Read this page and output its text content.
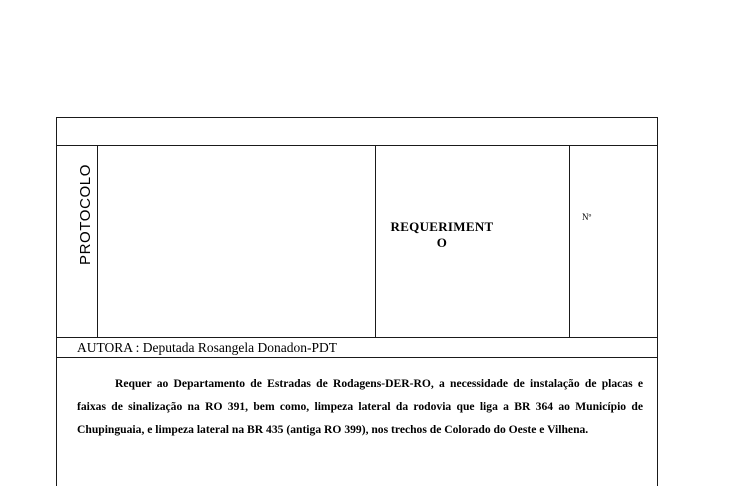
PROTOCOLO	REQUERIMENT
O
Nº
AUTORA : Deputada Rosangela Donadon-PDT
Requer ao Departamento de Estradas de Rodagens-DER-RO, a necessidade de instalação de placas e faixas de sinalização na RO 391, bem como, limpeza lateral da rodovia que liga a BR 364 ao Município de Chupinguaia, e limpeza lateral na BR 435 (antiga RO 399), nos trechos de Colorado do Oeste e Vilhena.
